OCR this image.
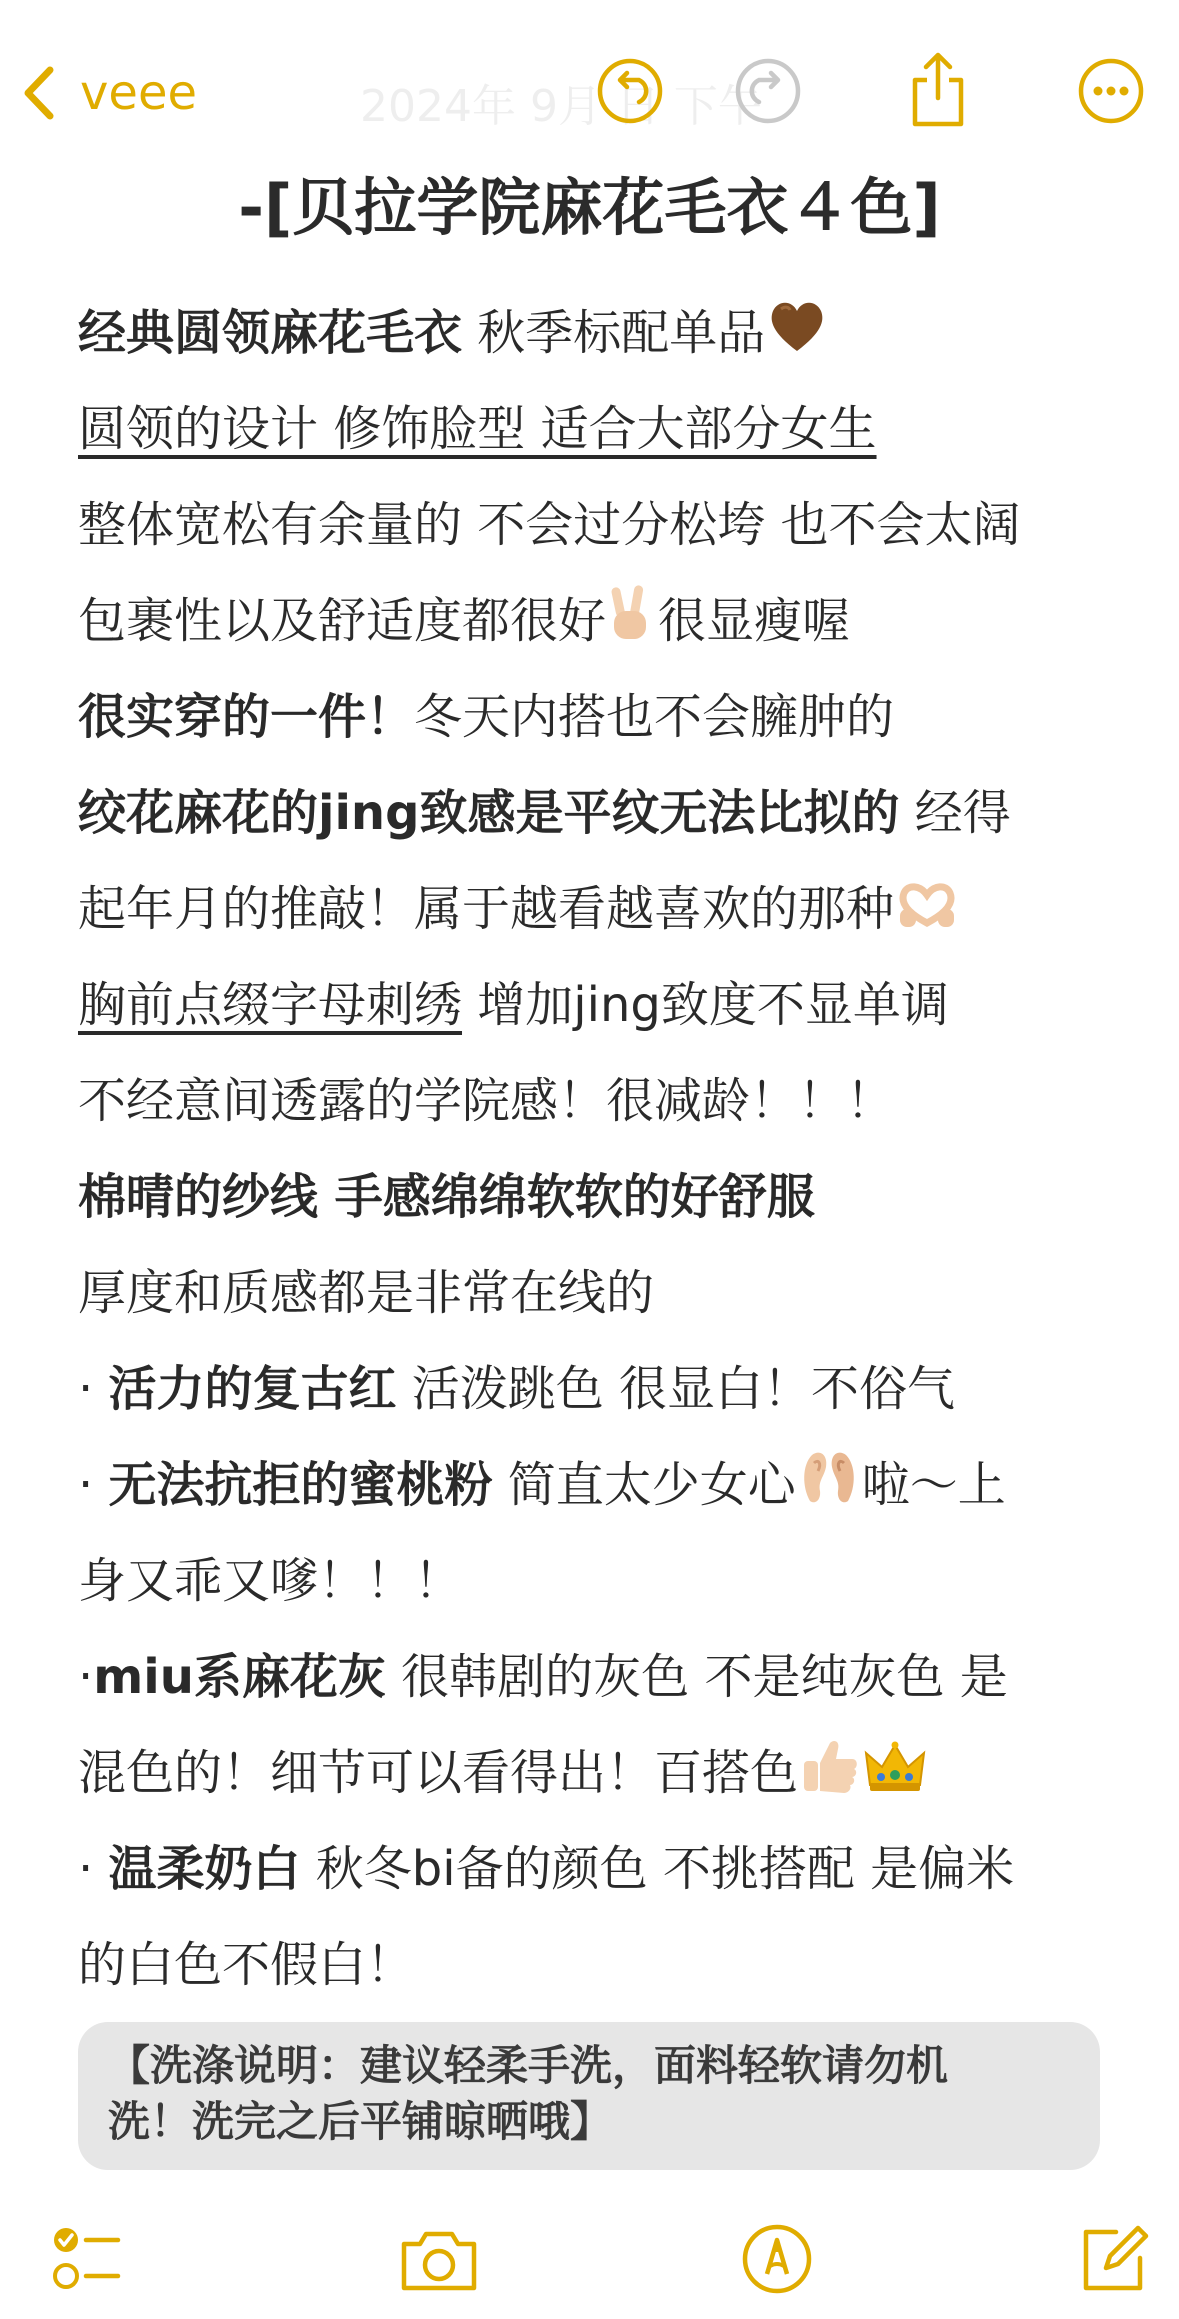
veee	2024年 9月 日 下午
-[贝拉学院麻花毛衣４色]
经典圆领麻花毛衣 秋季标配单品
圆领的设计 修饰脸型 适合大部分女生
整体宽松有余量的 不会过分松垮 也不会太阔
包裹性以及舒适度都很好 很显瘦喔
很实穿的一件！冬天内搭也不会臃肿的
绞花麻花的jing致感是平纹无法比拟的 经得
起年月的推敲！属于越看越喜欢的那种
胸前点缀字母刺绣 增加jing致度不显单调
不经意间透露的学院感！很减龄！！！
棉晴的纱线 手感绵绵软软的好舒服
厚度和质感都是非常在线的
· 活力的复古红 活泼跳色 很显白！不俗气
· 无法抗拒的蜜桃粉 简直太少女心 啦～上
身又乖又嗲！！！
·miu系麻花灰 很韩剧的灰色 不是纯灰色 是
混色的！细节可以看得出！百搭色
· 温柔奶白 秋冬bi备的颜色 不挑搭配 是偏米
的白色不假白！
【洗涤说明：建议轻柔手洗，面料轻软请勿机
洗！洗完之后平铺晾晒哦】
